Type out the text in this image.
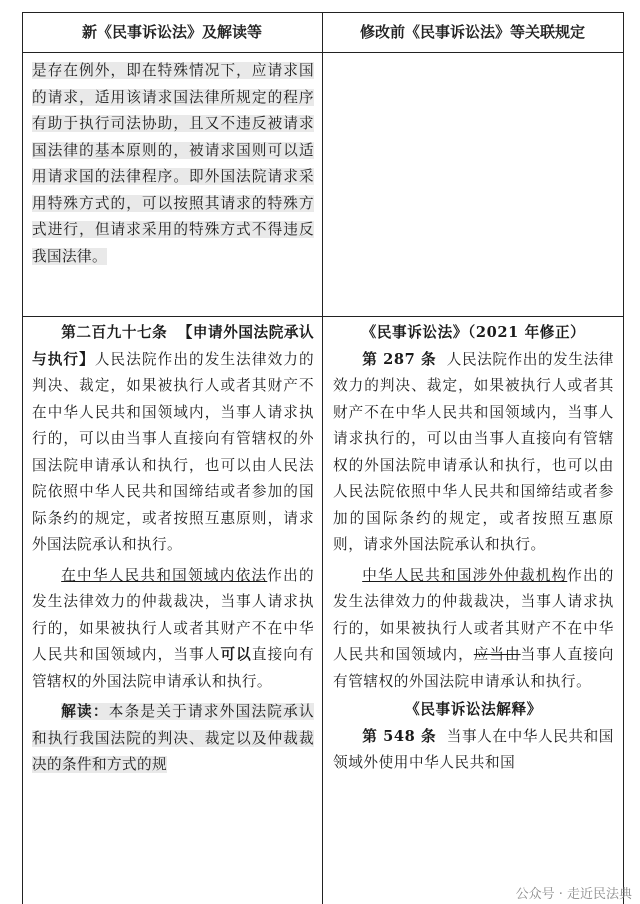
新《民事诉讼法》及解读等	修改前《民事诉讼法》等关联规定

是存在例外，即在特殊情况下，应请求国的请求，适用该请求国法律所规定的程序有助于执行司法协助，且又不违反被请求国法律的基本原则的，被请求国则可以适用请求国的法律程序。即外国法院请求采用特殊方式的，可以按照其请求的特殊方式进行，但请求采用的特殊方式不得违反我国法律。

第二百九十七条 【申请外国法院承认与执行】人民法院作出的发生法律效力的判决、裁定，如果被执行人或者其财产不在中华人民共和国领域内，当事人请求执行的，可以由当事人直接向有管辖权的外国法院申请承认和执行，也可以由人民法院依照中华人民共和国缔结或者参加的国际条约的规定，或者按照互惠原则，请求外国法院承认和执行。

在中华人民共和国领域内依法作出的发生法律效力的仲裁裁决，当事人请求执行的，如果被执行人或者其财产不在中华人民共和国领域内，当事人可以直接向有管辖权的外国法院申请承认和执行。

解读：本条是关于请求外国法院承认和执行我国法院的判决、裁定以及仲裁裁决的条件和方式的规

《民事诉讼法》（2021 年修正）

第 287 条 人民法院作出的发生法律效力的判决、裁定，如果被执行人或者其财产不在中华人民共和国领域内，当事人请求执行的，可以由当事人直接向有管辖权的外国法院申请承认和执行，也可以由人民法院依照中华人民共和国缔结或者参加的国际条约的规定，或者按照互惠原则，请求外国法院承认和执行。

中华人民共和国涉外仲裁机构作出的发生法律效力的仲裁裁决，当事人请求执行的，如果被执行人或者其财产不在中华人民共和国领域内，应当由当事人直接向有管辖权的外国法院申请承认和执行。

《民事诉讼法解释》

第 548 条 当事人在中华人民共和国领域外使用中华人民共和国

公众号 · 走近民法典
